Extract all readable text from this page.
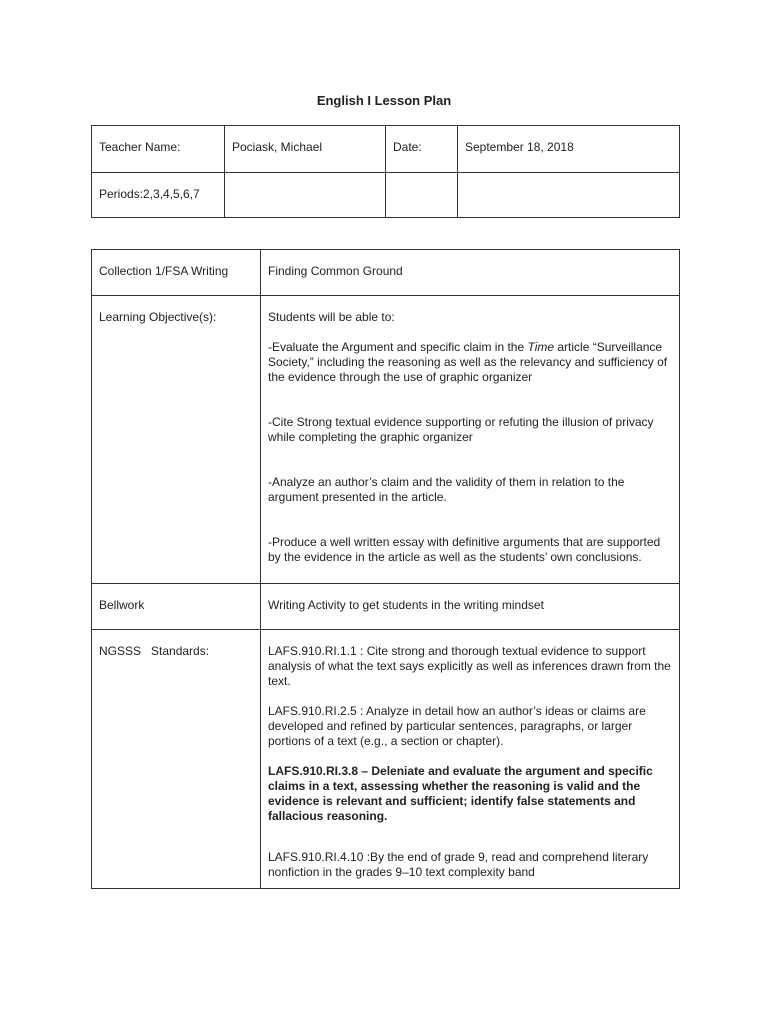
English I Lesson Plan
Teacher Name:	Pociask, Michael	Date:	September 18, 2018
Periods:2,3,4,5,6,7			
Collection 1/FSA Writing	Finding Common Ground
Learning Objective(s):	Students will be able to:

-Evaluate the Argument and specific claim in the Time article “Surveillance Society,” including the reasoning as well as the relevancy and sufficiency of the evidence through the use of graphic organizer

-Cite Strong textual evidence supporting or refuting the illusion of privacy while completing the graphic organizer

-Analyze an author’s claim and the validity of them in relation to the argument presented in the article.

-Produce a well written essay with definitive arguments that are supported by the evidence in the article as well as the students’ own conclusions.

Bellwork	Writing Activity to get students in the writing mindset
NGSSS   Standards:	LAFS.910.RI.1.1 : Cite strong and thorough textual evidence to support analysis of what the text says explicitly as well as inferences drawn from the text.

LAFS.910.RI.2.5 : Analyze in detail how an author’s ideas or claims are developed and refined by particular sentences, paragraphs, or larger portions of a text (e.g., a section or chapter).

LAFS.910.RI.3.8 – Deleniate and evaluate the argument and specific claims in a text, assessing whether the reasoning is valid and the evidence is relevant and sufficient; identify false statements and fallacious reasoning.

LAFS.910.RI.4.10 :By the end of grade 9, read and comprehend literary nonfiction in the grades 9–10 text complexity band
